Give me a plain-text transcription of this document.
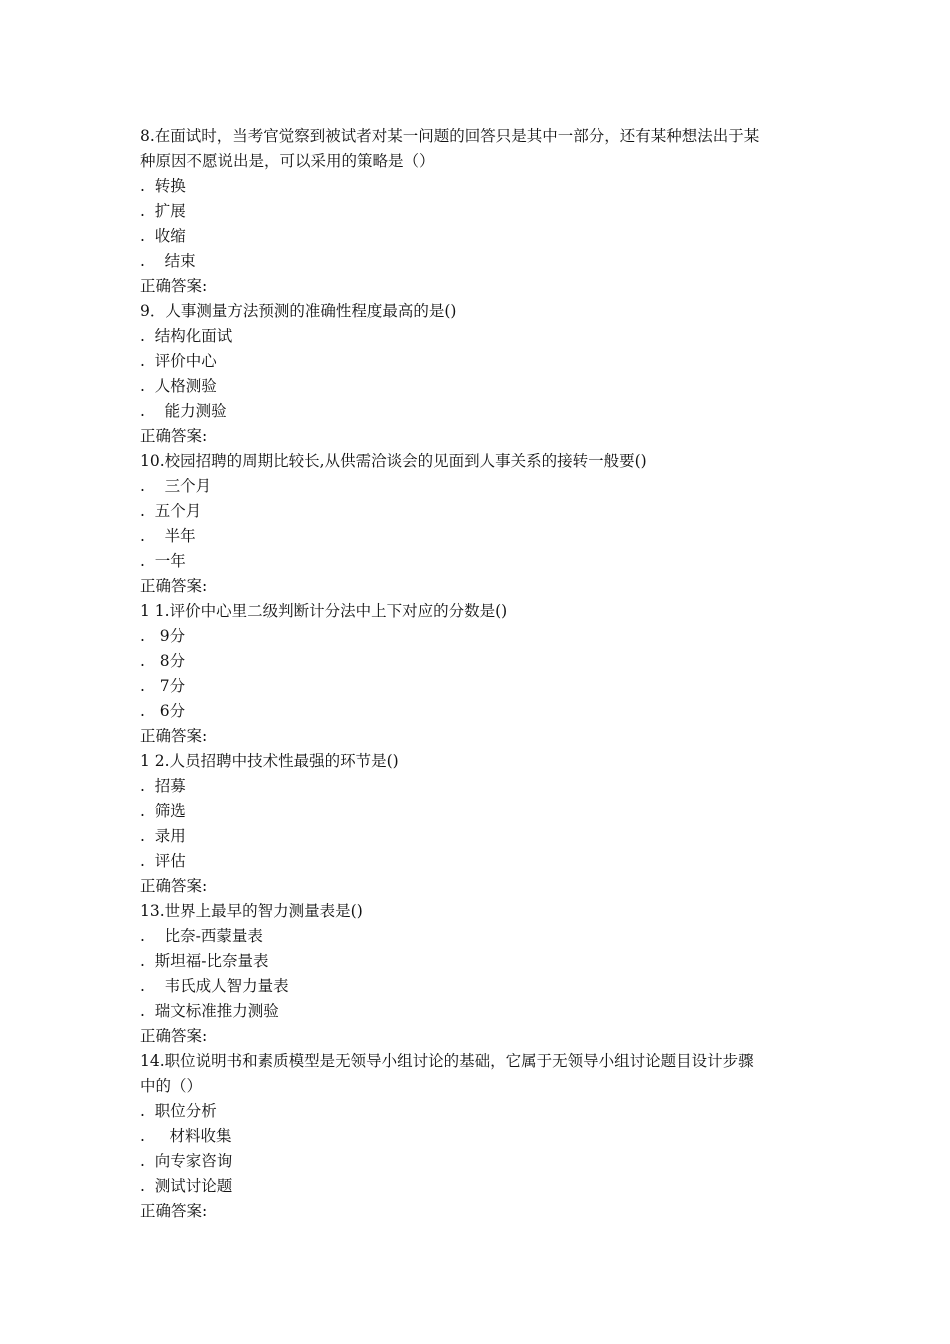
8.在面试时，当考官觉察到被试者对某一问题的回答只是其中一部分，还有某种想法出于某
种原因不愿说出是，可以采用的策略是（）
.  转换
.  扩展
.  收缩
.    结束
正确答案:
9．人事测量方法预测的准确性程度最高的是()
.  结构化面试
.  评价中心
.  人格测验
.    能力测验
正确答案:
10.校园招聘的周期比较长,从供需洽谈会的见面到人事关系的接转一般要()
.    三个月
.  五个月
.    半年
.  一年
正确答案:
1 1.评价中心里二级判断计分法中上下对应的分数是()
.   9分
.   8分
.   7分
.   6分
正确答案:
1 2.人员招聘中技术性最强的环节是()
.  招募
.  筛选
.  录用
.  评估
正确答案:
13.世界上最早的智力测量表是()
.    比奈-西蒙量表
.  斯坦福-比奈量表
.    韦氏成人智力量表
.  瑞文标准推力测验
正确答案:
14.职位说明书和素质模型是无领导小组讨论的基础，它属于无领导小组讨论题目设计步骤
中的（）
.  职位分析
.     材料收集
.  向专家咨询
.  测试讨论题
正确答案:
